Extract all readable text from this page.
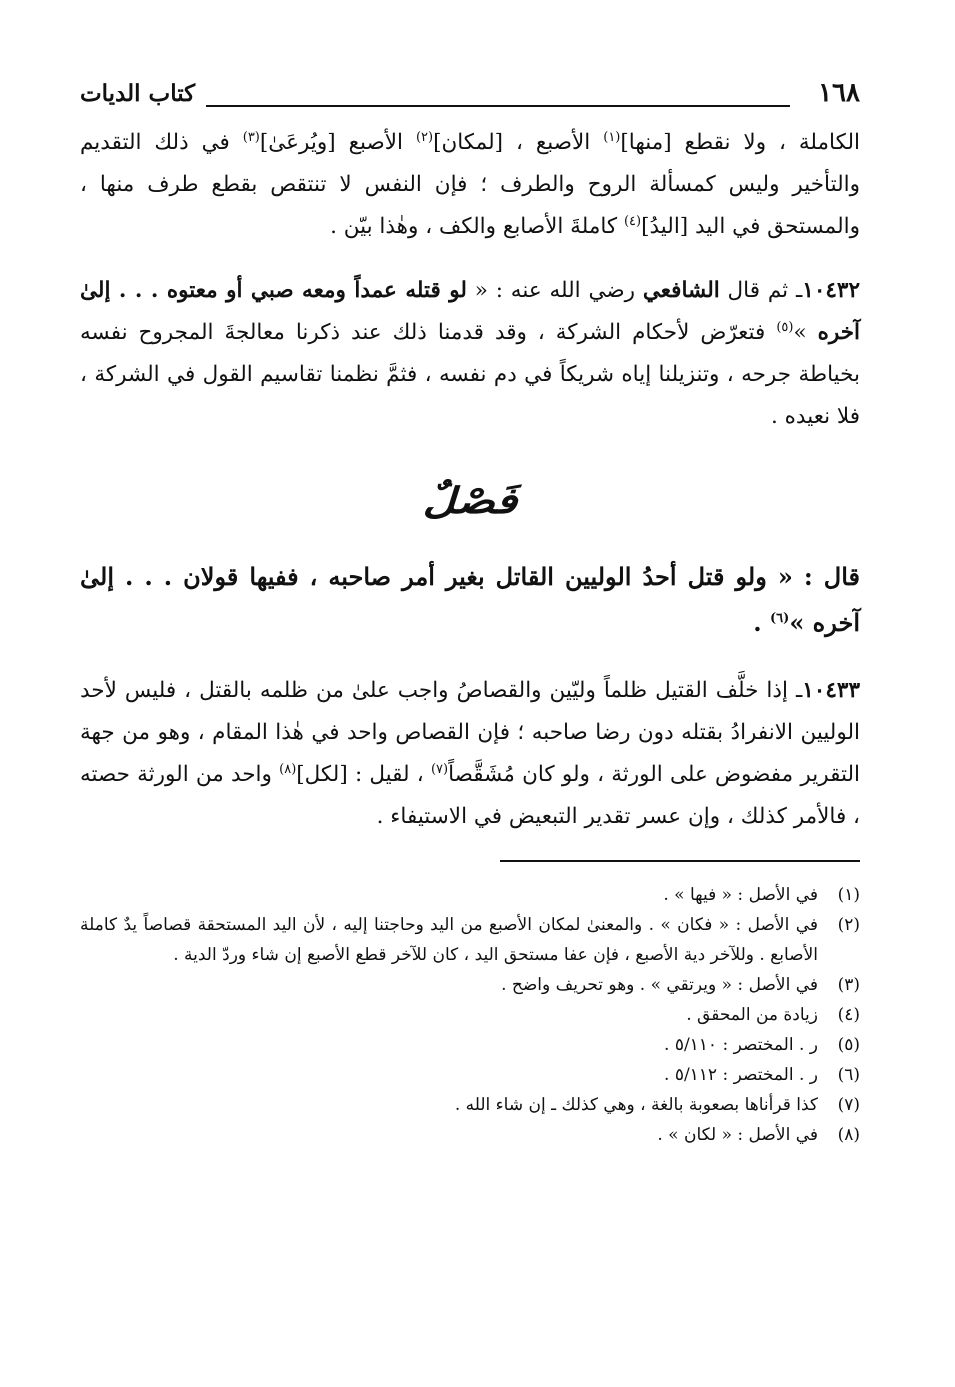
١٦٨
كتاب الديات

الكاملة ، ولا نقطع [منها]$^{(١)}$ الأصبع ، [لمكان]$^{(٢)}$ الأصبع [ويُرعَىٰ]$^{(٣)}$ في ذلك التقديم والتأخير وليس كمسألة الروح والطرف ؛ فإن النفس لا تنتقص بقطع طرف منها ، والمستحق في اليد [اليدُ]$^{(٤)}$ كاملةَ الأصابع والكف ، وهٰذا بيّن .

١٠٤٣٢ـ ثم قال الشافعي رضي الله عنه : « لو قتله عمداً ومعه صبي أو معتوه . . . إلىٰ آخره »$^{(٥)}$ فتعرّض لأحكام الشركة ، وقد قدمنا ذلك عند ذكرنا معالجةَ المجروح نفسه بخياطة جرحه ، وتنزيلنا إياه شريكاً في دم نفسه ، فثمَّ نظمنا تقاسيم القول في الشركة ، فلا نعيده .

فَصْلٌ

قال : « ولو قتل أحدُ الوليين القاتل بغير أمر صاحبه ، ففيها قولان . . . إلىٰ آخره »$^{(٦)}$ .

١٠٤٣٣ـ إذا خلَّف القتيل ظلماً وليّين والقصاصُ واجب علىٰ من ظلمه بالقتل ، فليس لأحد الوليين الانفرادُ بقتله دون رضا صاحبه ؛ فإن القصاص واحد في هٰذا المقام ، وهو من جهة التقرير مفضوض على الورثة ، ولو كان مُشَقَّصاً$^{(٧)}$ ، لقيل : [لكل]$^{(٨)}$ واحد من الورثة حصته ، فالأمر كذلك ، وإن عسر تقدير التبعيض في الاستيفاء .

(١)
في الأصل : « فيها » .
(٢)
في الأصل : « فكان » . والمعنىٰ لمكان الأصبع من اليد وحاجتنا إليه ، لأن اليد المستحقة قصاصاً يدٌ كاملة الأصابع . وللآخر دية الأصبع ، فإن عفا مستحق اليد ، كان للآخر قطع الأصبع إن شاء وردّ الدية .
(٣)
في الأصل : « ويرتقي » . وهو تحريف واضح .
(٤)
زيادة من المحقق .
(٥)
ر . المختصر : ٥/١١٠ .
(٦)
ر . المختصر : ٥/١١٢ .
(٧)
كذا قرأناها بصعوبة بالغة ، وهي كذلك ـ إن شاء الله .
(٨)
في الأصل : « لكان » .
